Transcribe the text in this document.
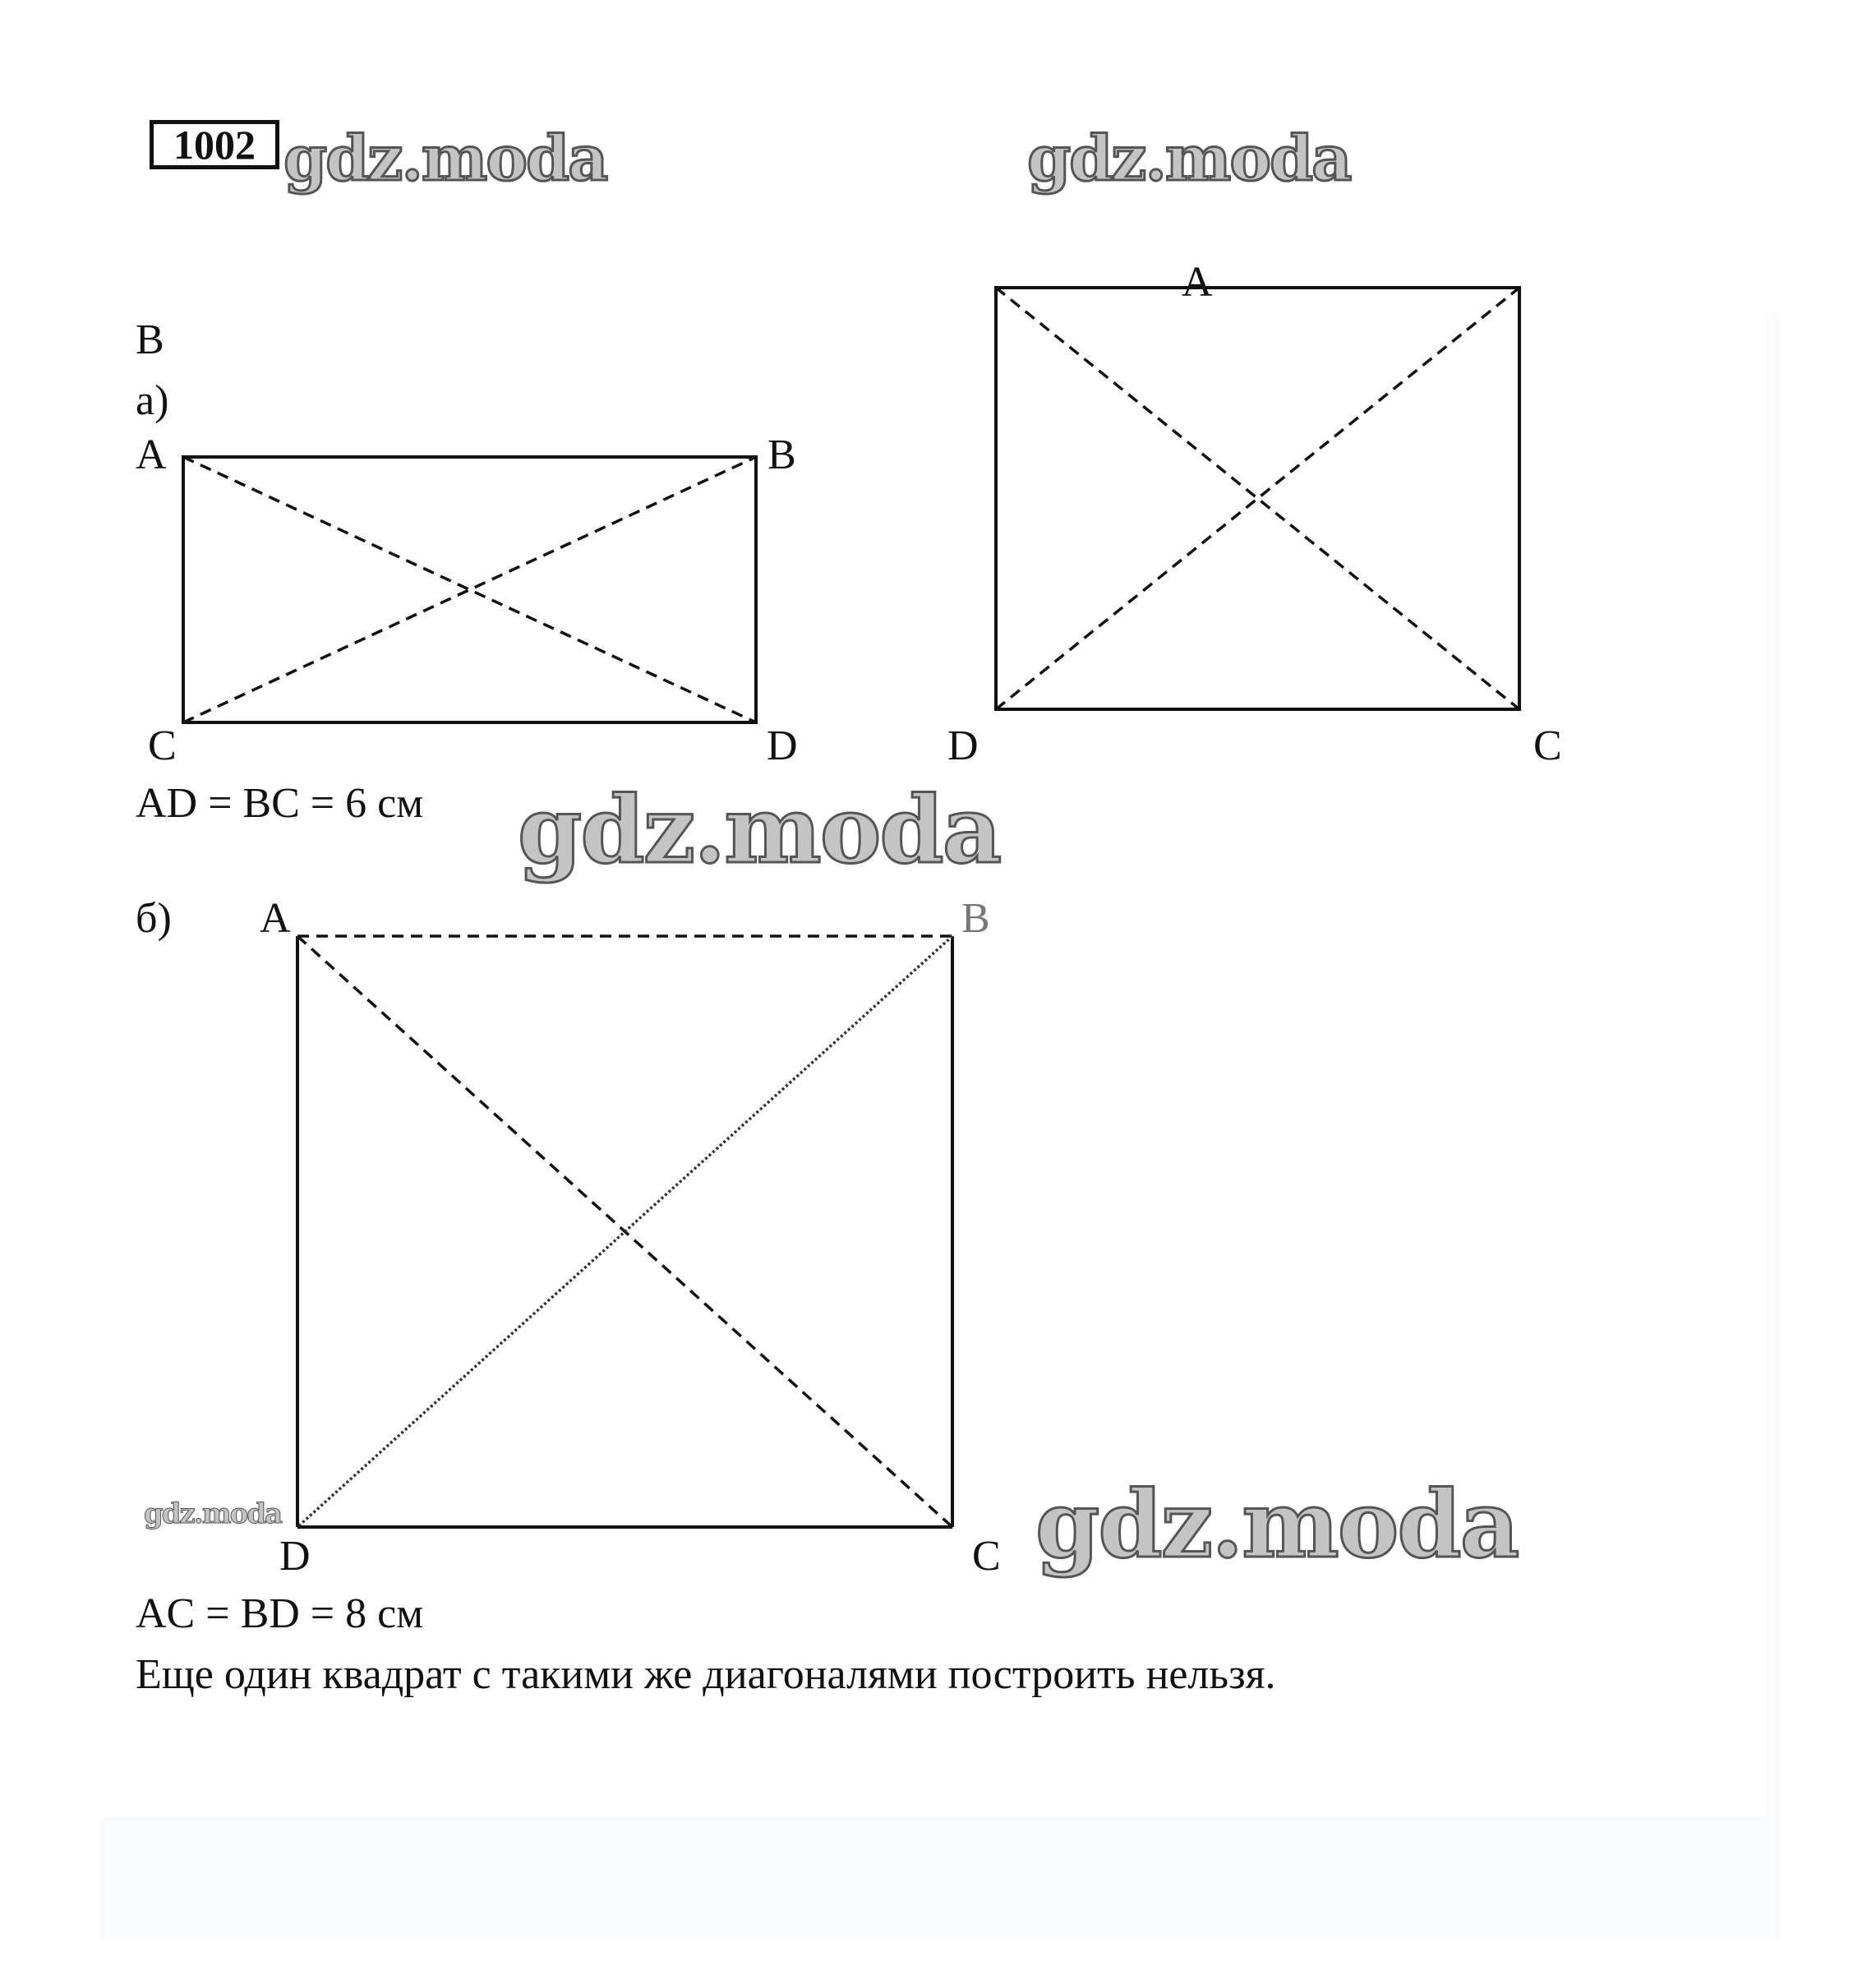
1002 gdz.moda	gdz.moda
gdz.moda
gdz.moda	gdz.moda
В
а)
A	B
C	D
AD = BC = 6 см
A
D	C
б) A	B
D	C
AC = BD = 8 см
Еще один квадрат с такими же диагоналями построить нельзя.
